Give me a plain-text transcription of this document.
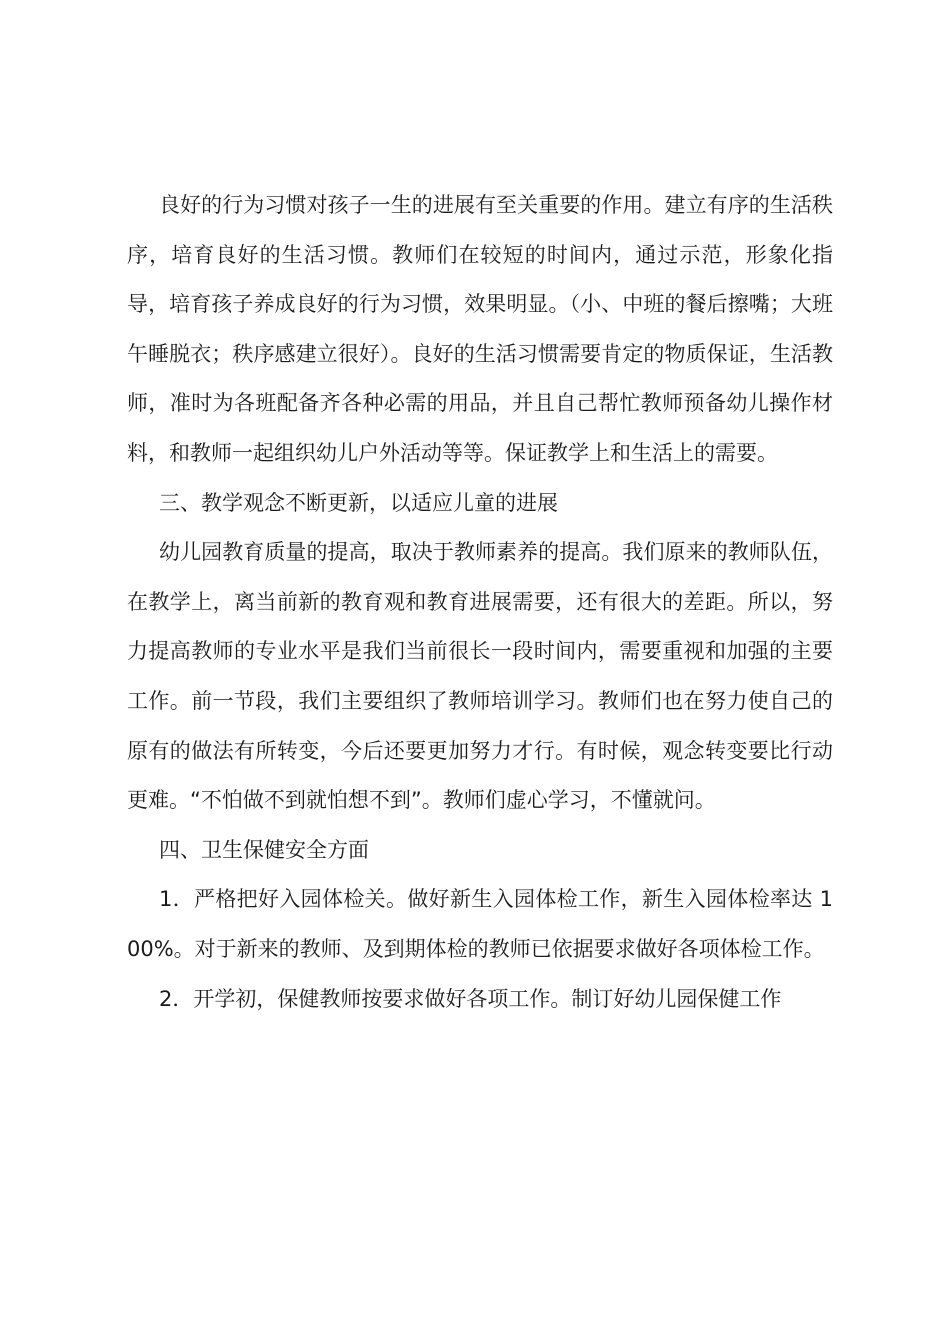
良好的行为习惯对孩子一生的进展有至关重要的作用。建立有序的生活秩序，培育良好的生活习惯。教师们在较短的时间内，通过示范，形象化指导，培育孩子养成良好的行为习惯，效果明显。（小、中班的餐后擦嘴；大班午睡脱衣；秩序感建立很好）。良好的生活习惯需要肯定的物质保证，生活教师，准时为各班配备齐各种必需的用品，并且自己帮忙教师预备幼儿操作材料，和教师一起组织幼儿户外活动等等。保证教学上和生活上的需要。

三、教学观念不断更新，以适应儿童的进展

幼儿园教育质量的提高，取决于教师素养的提高。我们原来的教师队伍，在教学上，离当前新的教育观和教育进展需要，还有很大的差距。所以，努力提高教师的专业水平是我们当前很长一段时间内，需要重视和加强的主要工作。前一节段，我们主要组织了教师培训学习。教师们也在努力使自己的原有的做法有所转变，今后还要更加努力才行。有时候，观念转变要比行动更难。“不怕做不到就怕想不到”。教师们虚心学习，不懂就问。

四、卫生保健安全方面

1．严格把好入园体检关。做好新生入园体检工作，新生入园体检率达 100%。对于新来的教师、及到期体检的教师已依据要求做好各项体检工作。

2．开学初，保健教师按要求做好各项工作。制订好幼儿园保健工作
